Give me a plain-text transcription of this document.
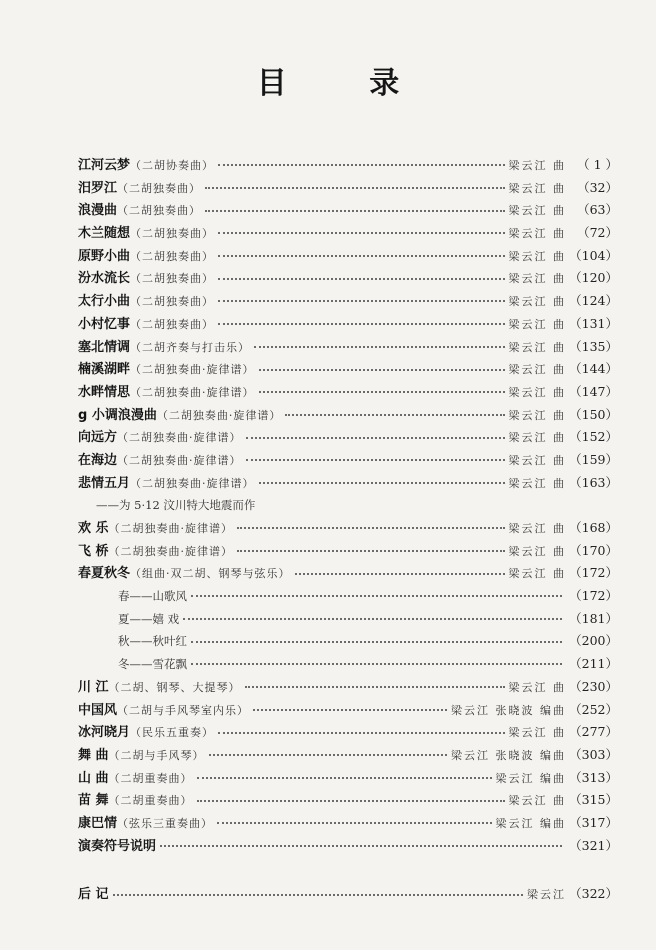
目 录
江河云梦 （二胡协奏曲）	梁云江 曲 （ 1 ）
汨罗江 （二胡独奏曲）	梁云江 曲 （32）
浪漫曲 （二胡独奏曲）	梁云江 曲 （63）
木兰随想 （二胡独奏曲）	梁云江 曲 （72）
原野小曲 （二胡独奏曲）	梁云江 曲 （104）
汾水流长 （二胡独奏曲）	梁云江 曲 （120）
太行小曲 （二胡独奏曲）	梁云江 曲 （124）
小村忆事 （二胡独奏曲）	梁云江 曲 （131）
塞北情调 （二胡齐奏与打击乐）	梁云江 曲 （135）
楠溪湖畔 （二胡独奏曲·旋律谱）	梁云江 曲 （144）
水畔情思 （二胡独奏曲·旋律谱）	梁云江 曲 （147）
g 小调浪漫曲 （二胡独奏曲·旋律谱）	梁云江 曲 （150）
向远方 （二胡独奏曲·旋律谱）	梁云江 曲 （152）
在海边 （二胡独奏曲·旋律谱）	梁云江 曲 （159）
悲情五月 （二胡独奏曲·旋律谱）	梁云江 曲 （163）
——为 5·12 汶川特大地震而作
欢 乐 （二胡独奏曲·旋律谱）	梁云江 曲 （168）
飞 桥 （二胡独奏曲·旋律谱）	梁云江 曲 （170）
春夏秋冬 （组曲·双二胡、钢琴与弦乐）	梁云江 曲 （172）
春——山歌风	（172）
夏——嬉 戏	（181）
秋——秋叶红	（200）
冬——雪花飘	（211）
川 江 （二胡、钢琴、大提琴）	梁云江 曲 （230）
中国风 （二胡与手风琴室内乐）	梁云江 张晓波 编曲 （252）
冰河晓月 （民乐五重奏）	梁云江 曲 （277）
舞 曲 （二胡与手风琴）	梁云江 张晓波 编曲 （303）
山 曲 （二胡重奏曲）	梁云江 编曲 （313）
苗 舞 （二胡重奏曲）	梁云江 曲 （315）
康巴情 （弦乐三重奏曲）	梁云江 编曲 （317）
演奏符号说明	（321）
后 记	梁云江 （322）
